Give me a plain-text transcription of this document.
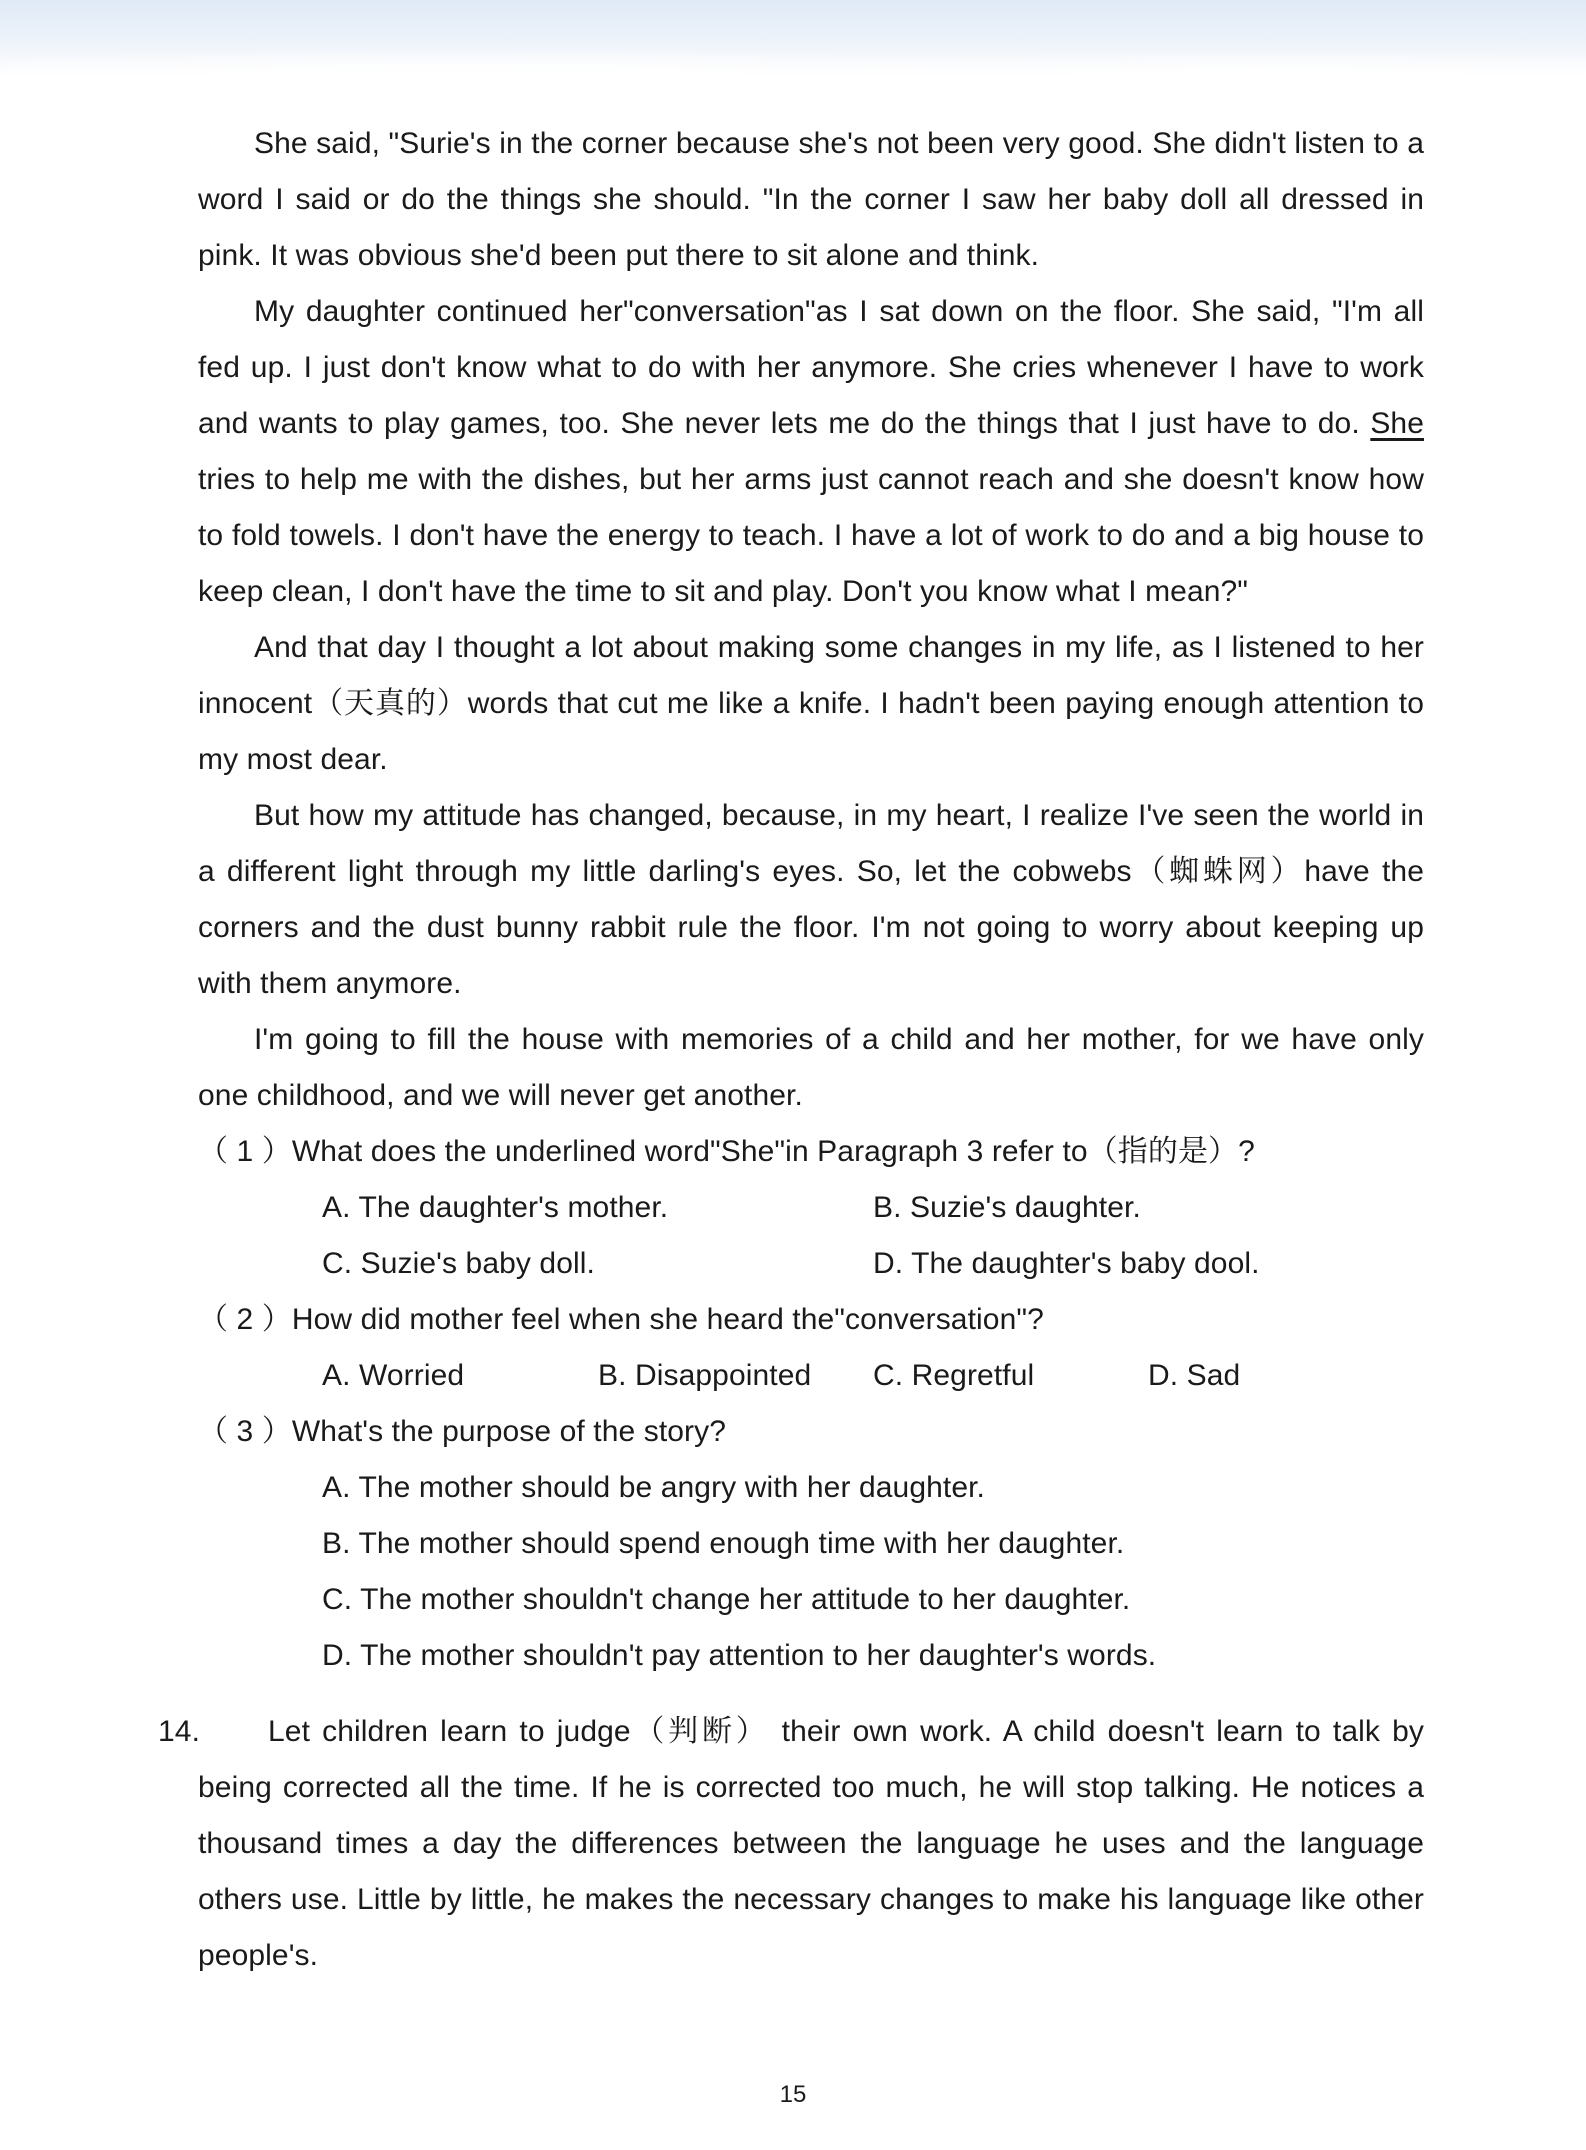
She said, "Surie's in the corner because she's not been very good. She didn't listen to a word I said or do the things she should. "In the corner I saw her baby doll all dressed in pink. It was obvious she'd been put there to sit alone and think.

My daughter continued her"conversation"as I sat down on the floor. She said, "I'm all fed up. I just don't know what to do with her anymore. She cries whenever I have to work and wants to play games, too. She never lets me do the things that I just have to do. She tries to help me with the dishes, but her arms just cannot reach and she doesn't know how to fold towels. I don't have the energy to teach. I have a lot of work to do and a big house to keep clean, I don't have the time to sit and play. Don't you know what I mean?"

And that day I thought a lot about making some changes in my life, as I listened to her innocent（天真的）words that cut me like a knife. I hadn't been paying enough attention to my most dear.

But how my attitude has changed, because, in my heart, I realize I've seen the world in a different light through my little darling's eyes. So, let the cobwebs（蜘蛛网）have the corners and the dust bunny rabbit rule the floor. I'm not going to worry about keeping up with them anymore.

I'm going to fill the house with memories of a child and her mother, for we have only one childhood, and we will never get another.

（ 1 ）What does the underlined word"She"in Paragraph 3 refer to（指的是）?
A. The daughter's mother.	B. Suzie's daughter.
C. Suzie's baby doll.	D. The daughter's baby dool.
（ 2 ）How did mother feel when she heard the"conversation"?
A. Worried	B. Disappointed C. Regretful	D. Sad
（ 3 ）What's the purpose of the story?
A. The mother should be angry with her daughter.
B. The mother should spend enough time with her daughter.
C. The mother shouldn't change her attitude to her daughter.
D. The mother shouldn't pay attention to her daughter's words.
14.	Let children learn to judge（判断） their own work. A child doesn't learn to talk by being corrected all the time. If he is corrected too much, he will stop talking. He notices a thousand times a day the differences between the language he uses and the language others use. Little by little, he makes the necessary changes to make his language like other people's.

15
